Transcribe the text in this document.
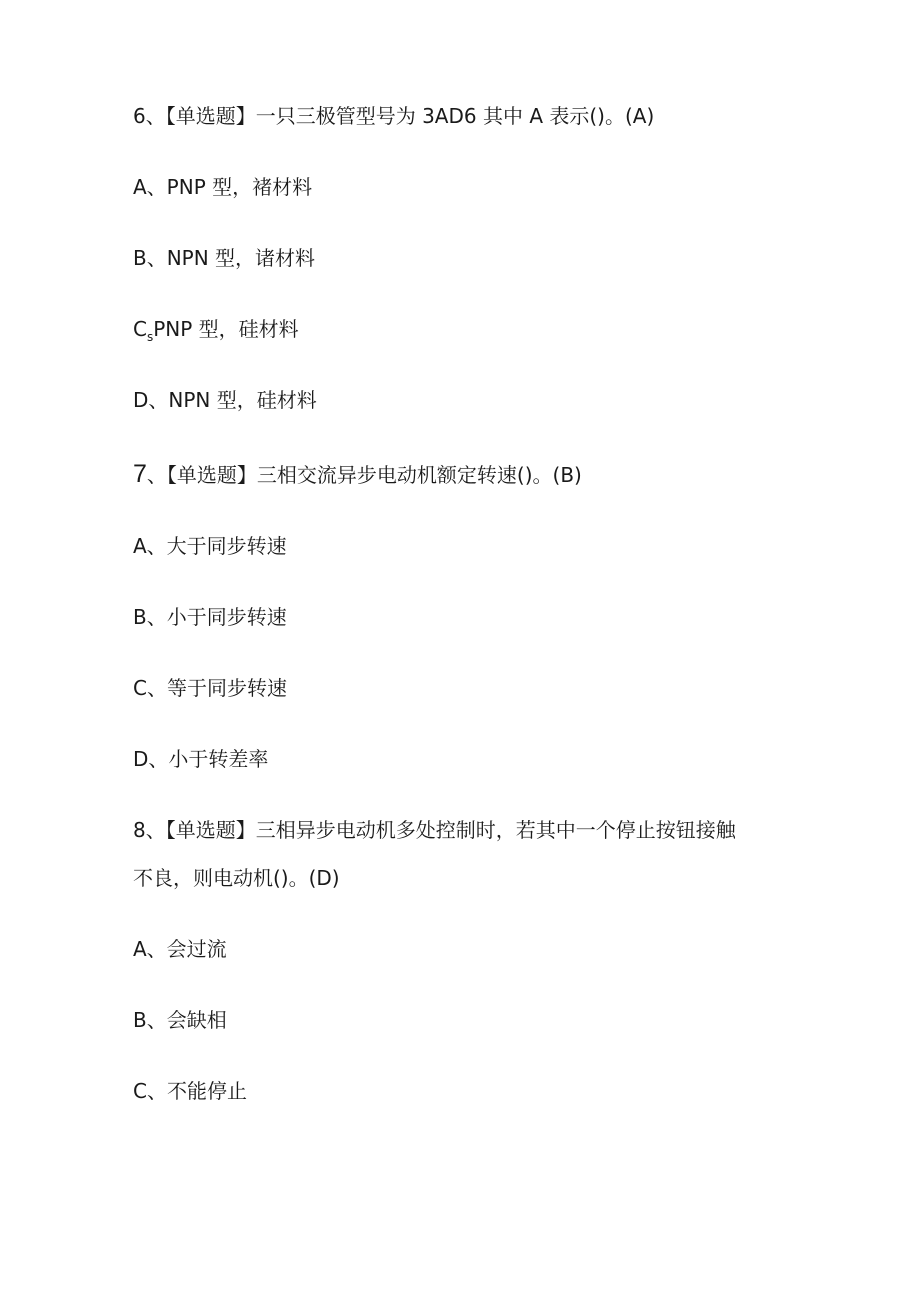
6、【单选题】一只三极管型号为 3AD6 其中 A 表示()。(A)
A、PNP 型，褚材料
B、NPN 型，诸材料
$C_sPNP$ 型，硅材料
D、NPN 型，硅材料
7、【单选题】三相交流异步电动机额定转速()。(B)
A、大于同步转速
B、小于同步转速
C、等于同步转速
D、小于转差率
8、【单选题】三相异步电动机多处控制时，若其中一个停止按钮接触
不良，则电动机()。(D)
A、会过流
B、会缺相
C、不能停止
